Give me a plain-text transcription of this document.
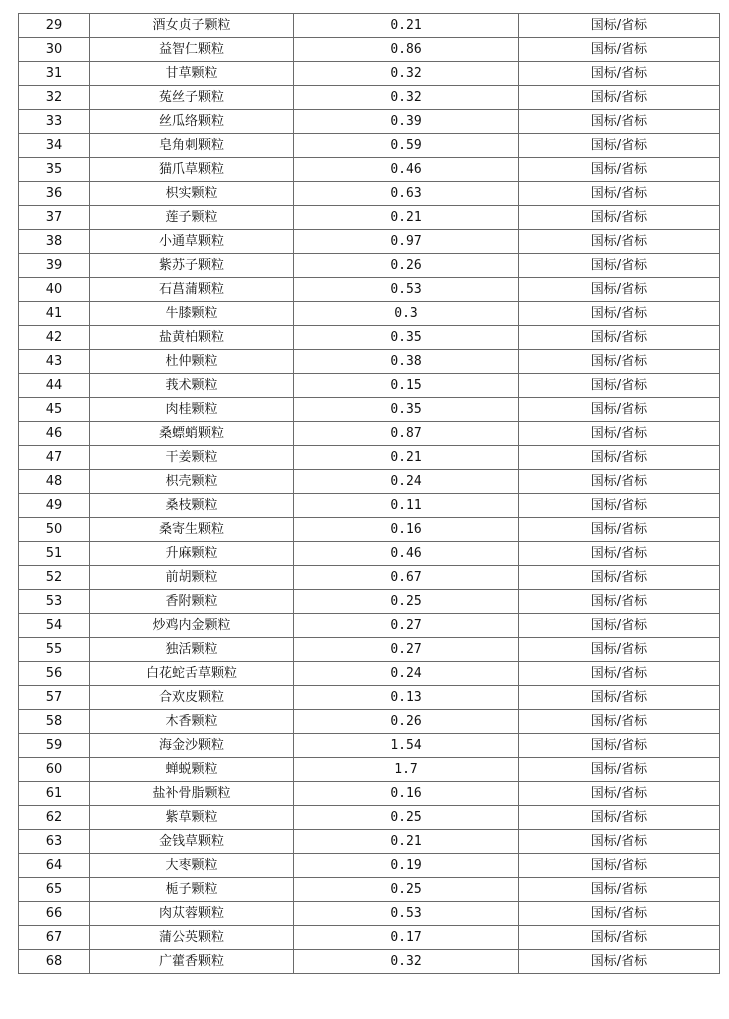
29	酒女贞子颗粒	0.21	国标/省标
30	益智仁颗粒	0.86	国标/省标
31	甘草颗粒	0.32	国标/省标
32	菟丝子颗粒	0.32	国标/省标
33	丝瓜络颗粒	0.39	国标/省标
34	皂角刺颗粒	0.59	国标/省标
35	猫爪草颗粒	0.46	国标/省标
36	枳实颗粒	0.63	国标/省标
37	莲子颗粒	0.21	国标/省标
38	小通草颗粒	0.97	国标/省标
39	紫苏子颗粒	0.26	国标/省标
40	石菖蒲颗粒	0.53	国标/省标
41	牛膝颗粒	0.3	国标/省标
42	盐黄柏颗粒	0.35	国标/省标
43	杜仲颗粒	0.38	国标/省标
44	莪术颗粒	0.15	国标/省标
45	肉桂颗粒	0.35	国标/省标
46	桑螵蛸颗粒	0.87	国标/省标
47	干姜颗粒	0.21	国标/省标
48	枳壳颗粒	0.24	国标/省标
49	桑枝颗粒	0.11	国标/省标
50	桑寄生颗粒	0.16	国标/省标
51	升麻颗粒	0.46	国标/省标
52	前胡颗粒	0.67	国标/省标
53	香附颗粒	0.25	国标/省标
54	炒鸡内金颗粒	0.27	国标/省标
55	独活颗粒	0.27	国标/省标
56	白花蛇舌草颗粒	0.24	国标/省标
57	合欢皮颗粒	0.13	国标/省标
58	木香颗粒	0.26	国标/省标
59	海金沙颗粒	1.54	国标/省标
60	蝉蜕颗粒	1.7	国标/省标
61	盐补骨脂颗粒	0.16	国标/省标
62	紫草颗粒	0.25	国标/省标
63	金钱草颗粒	0.21	国标/省标
64	大枣颗粒	0.19	国标/省标
65	栀子颗粒	0.25	国标/省标
66	肉苁蓉颗粒	0.53	国标/省标
67	蒲公英颗粒	0.17	国标/省标
68	广藿香颗粒	0.32	国标/省标
